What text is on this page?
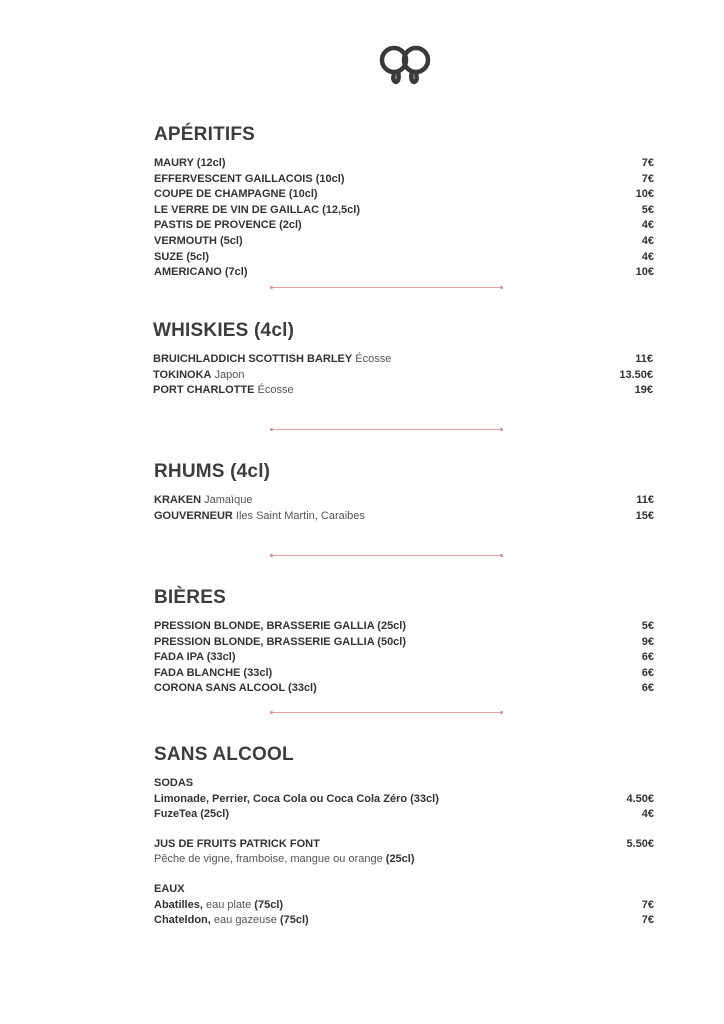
APÉRITIFS
MAURY (12cl)	7€
EFFERVESCENT GAILLACOIS (10cl)	7€
COUPE DE CHAMPAGNE (10cl)	10€
LE VERRE DE VIN DE GAILLAC (12,5cl)	5€
PASTIS DE PROVENCE (2cl)	4€
VERMOUTH (5cl)	4€
SUZE (5cl)	4€
AMERICANO (7cl)	10€
WHISKIES (4cl)
BRUICHLADDICH SCOTTISH BARLEY Écosse	11€
TOKINOKA Japon	13.50€
PORT CHARLOTTE Écosse	19€
RHUMS (4cl)
KRAKEN Jamaïque	11€
GOUVERNEUR Iles Saint Martin, Caraibes	15€
BIÈRES
PRESSION BLONDE, BRASSERIE GALLIA (25cl)	5€
PRESSION BLONDE, BRASSERIE GALLIA (50cl)	9€
FADA IPA (33cl)	6€
FADA BLANCHE (33cl)	6€
CORONA SANS ALCOOL (33cl)	6€
SANS ALCOOL
SODAS
Limonade, Perrier, Coca Cola ou Coca Cola Zéro (33cl)	4.50€
FuzeTea (25cl)	4€
JUS DE FRUITS PATRICK FONT	5.50€
Pêche de vigne, framboise, mangue ou orange (25cl)
EAUX
Abatilles, eau plate (75cl)	7€
Chateldon, eau gazeuse (75cl)	7€
